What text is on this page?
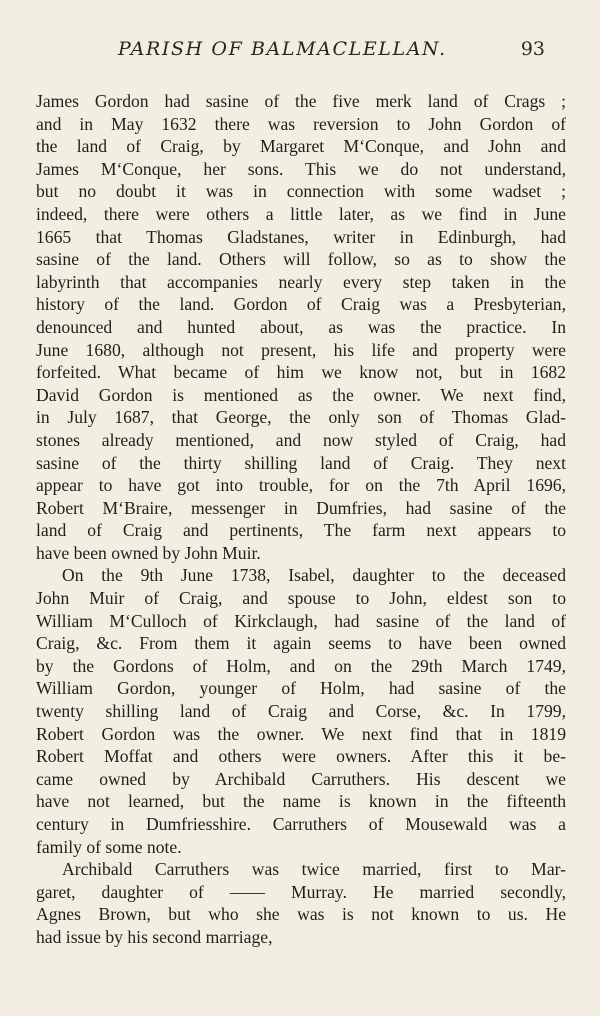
PARISH OF BALMACLELLAN.	93
James Gordon had sasine of the five merk land of Crags ;
and in May 1632 there was reversion to John Gordon of
the land of Craig, by Margaret M‘Conque, and John and
James M‘Conque, her sons. This we do not understand,
but no doubt it was in connection with some wadset ;
indeed, there were others a little later, as we find in June
1665 that Thomas Gladstanes, writer in Edinburgh, had
sasine of the land. Others will follow, so as to show the
labyrinth that accompanies nearly every step taken in the
history of the land. Gordon of Craig was a Presbyterian,
denounced and hunted about, as was the practice. In
June 1680, although not present, his life and property were
forfeited. What became of him we know not, but in 1682
David Gordon is mentioned as the owner. We next find,
in July 1687, that George, the only son of Thomas Glad-
stones already mentioned, and now styled of Craig, had
sasine of the thirty shilling land of Craig. They next
appear to have got into trouble, for on the 7th April 1696,
Robert M‘Braire, messenger in Dumfries, had sasine of the
land of Craig and pertinents, The farm next appears to
have been owned by John Muir.
On the 9th June 1738, Isabel, daughter to the deceased
John Muir of Craig, and spouse to John, eldest son to
William M‘Culloch of Kirkclaugh, had sasine of the land of
Craig, &c. From them it again seems to have been owned
by the Gordons of Holm, and on the 29th March 1749,
William Gordon, younger of Holm, had sasine of the
twenty shilling land of Craig and Corse, &c. In 1799,
Robert Gordon was the owner. We next find that in 1819
Robert Moffat and others were owners. After this it be-
came owned by Archibald Carruthers. His descent we
have not learned, but the name is known in the fifteenth
century in Dumfriesshire. Carruthers of Mousewald was a
family of some note.
Archibald Carruthers was twice married, first to Mar-
garet, daughter of —— Murray. He married secondly,
Agnes Brown, but who she was is not known to us. He
had issue by his second marriage,
